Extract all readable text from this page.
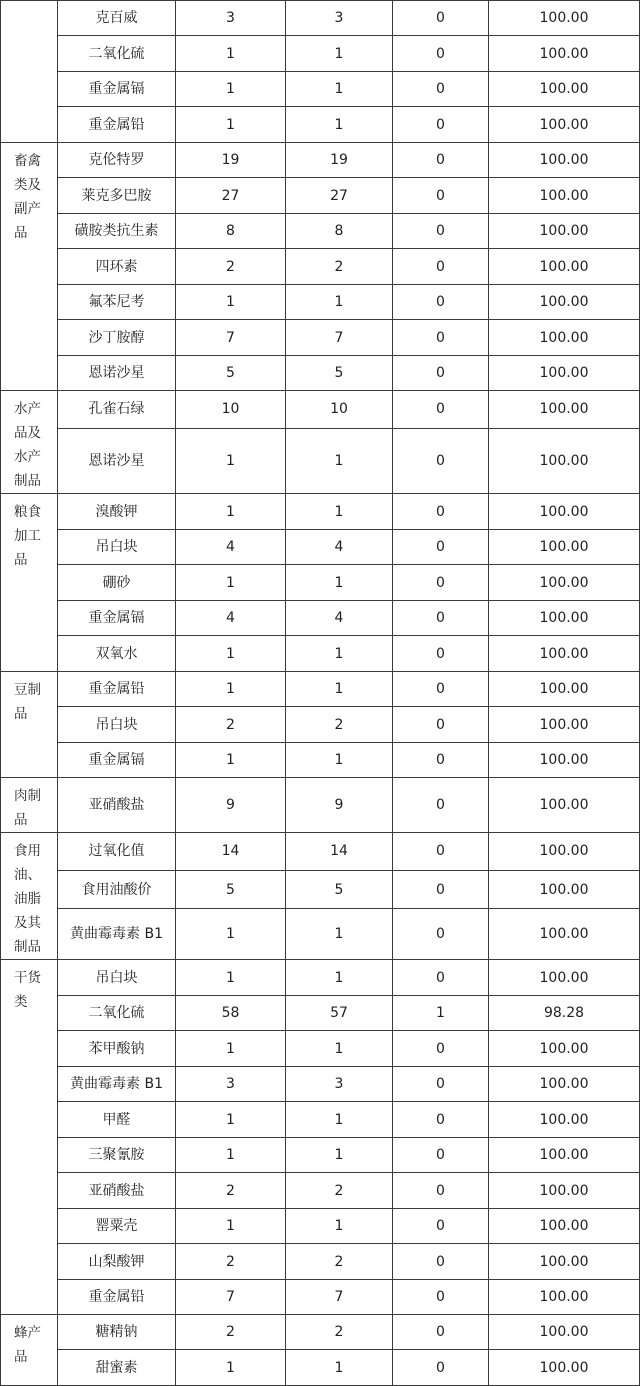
	克百威	3	3	0	100.00
	二氧化硫	1	1	0	100.00
	重金属镉	1	1	0	100.00
	重金属铅	1	1	0	100.00

畜禽
类及
副产
品	克伦特罗	19	19	0	100.00
	莱克多巴胺	27	27	0	100.00
	磺胺类抗生素	8	8	0	100.00
	四环素	2	2	0	100.00
	氟苯尼考	1	1	0	100.00
	沙丁胺醇	7	7	0	100.00
	恩诺沙星	5	5	0	100.00

水产
品及
水产
制品	孔雀石绿	10	10	0	100.00
	恩诺沙星	1	1	0	100.00

粮食
加工
品	溴酸钾	1	1	0	100.00
	吊白块	4	4	0	100.00
	硼砂	1	1	0	100.00
	重金属镉	4	4	0	100.00
	双氧水	1	1	0	100.00

豆制
品	重金属铅	1	1	0	100.00
	吊白块	2	2	0	100.00
	重金属镉	1	1	0	100.00

肉制
品	亚硝酸盐	9	9	0	100.00

食用
油、
油脂
及其
制品	过氧化值	14	14	0	100.00
	食用油酸价	5	5	0	100.00
	黄曲霉毒素 B1	1	1	0	100.00

干货
类	吊白块	1	1	0	100.00
	二氧化硫	58	57	1	98.28
	苯甲酸钠	1	1	0	100.00
	黄曲霉毒素 B1	3	3	0	100.00
	甲醛	1	1	0	100.00
	三聚氰胺	1	1	0	100.00
	亚硝酸盐	2	2	0	100.00
	罂粟壳	1	1	0	100.00
	山梨酸钾	2	2	0	100.00
	重金属铅	7	7	0	100.00

蜂产
品	糖精钠	2	2	0	100.00
	甜蜜素	1	1	0	100.00
